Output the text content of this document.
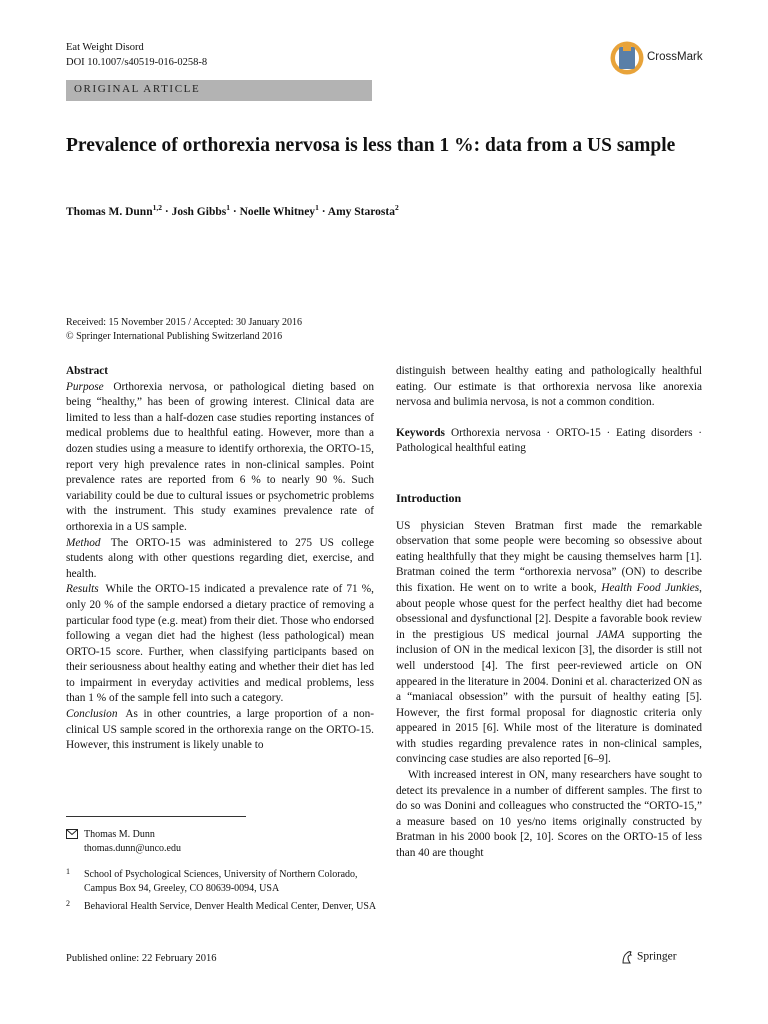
Eat Weight Disord
DOI 10.1007/s40519-016-0258-8	CrossMark
ORIGINAL ARTICLE
Prevalence of orthorexia nervosa is less than 1 %: data from a US sample
Thomas M. Dunn$^{1,2}$ · Josh Gibbs$^1$ · Noelle Whitney$^1$ · Amy Starosta$^2$
Received: 15 November 2015 / Accepted: 30 January 2016
© Springer International Publishing Switzerland 2016

Abstract

Purpose Orthorexia nervosa, or pathological dieting based on being “healthy,” has been of growing interest. Clinical data are limited to less than a half-dozen case studies reporting instances of medical problems due to healthful eating. However, more than a dozen studies using a measure to identify orthorexia, the ORTO-15, report very high prevalence rates in non-clinical samples. Point prevalence rates are reported from 6 % to nearly 90 %. Such variability could be due to cultural issues or psychometric problems with the instrument. This study examines prevalence rate of orthorexia in a US sample.

Method The ORTO-15 was administered to 275 US college students along with other questions regarding diet, exercise, and health.

Results While the ORTO-15 indicated a prevalence rate of 71 %, only 20 % of the sample endorsed a dietary practice of removing a particular food type (e.g. meat) from their diet. Those who endorsed following a vegan diet had the highest (less pathological) mean ORTO-15 score. Further, when classifying participants based on their seriousness about healthy eating and whether their diet has led to impairment in everyday activities and medical problems, less than 1 % of the sample fell into such a category.

Conclusion As in other countries, a large proportion of a non-clinical US sample scored in the orthorexia range on the ORTO-15. However, this instrument is likely unable to

distinguish between healthy eating and pathologically healthful eating. Our estimate is that orthorexia nervosa like anorexia nervosa and bulimia nervosa, is not a common condition.

Keywords Orthorexia nervosa · ORTO-15 · Eating disorders · Pathological healthful eating

Introduction

US physician Steven Bratman first made the remarkable observation that some people were becoming so obsessive about eating healthfully that they might be causing themselves harm [1]. Bratman coined the term “orthorexia nervosa” (ON) to describe this fixation. He went on to write a book, Health Food Junkies, about people whose quest for the perfect healthy diet had become obsessional and dysfunctional [2]. Despite a favorable book review in the prestigious US medical journal JAMA supporting the inclusion of ON in the medical lexicon [3], the disorder is still not well understood [4]. The first peer-reviewed article on ON appeared in the literature in 2004. Donini et al. characterized ON as a “maniacal obsession” with the pursuit of healthy eating [5]. However, the first formal proposal for diagnostic criteria only appeared in 2015 [6]. While most of the literature is dominated with studies regarding prevalence rates in non-clinical samples, convincing case studies are also reported [6–9].

With increased interest in ON, many researchers have sought to detect its prevalence in a number of different samples. The first to do so was Donini and colleagues who constructed the “ORTO-15,” a measure based on 10 yes/no items originally constructed by Bratman in his 2000 book [2, 10]. Scores on the ORTO-15 of less than 40 are thought

Thomas M. Dunn
thomas.dunn@unco.edu
1 School of Psychological Sciences, University of Northern Colorado, Campus Box 94, Greeley, CO 80639-0094, USA
2 Behavioral Health Service, Denver Health Medical Center, Denver, USA
Published online: 22 February 2016	Springer
